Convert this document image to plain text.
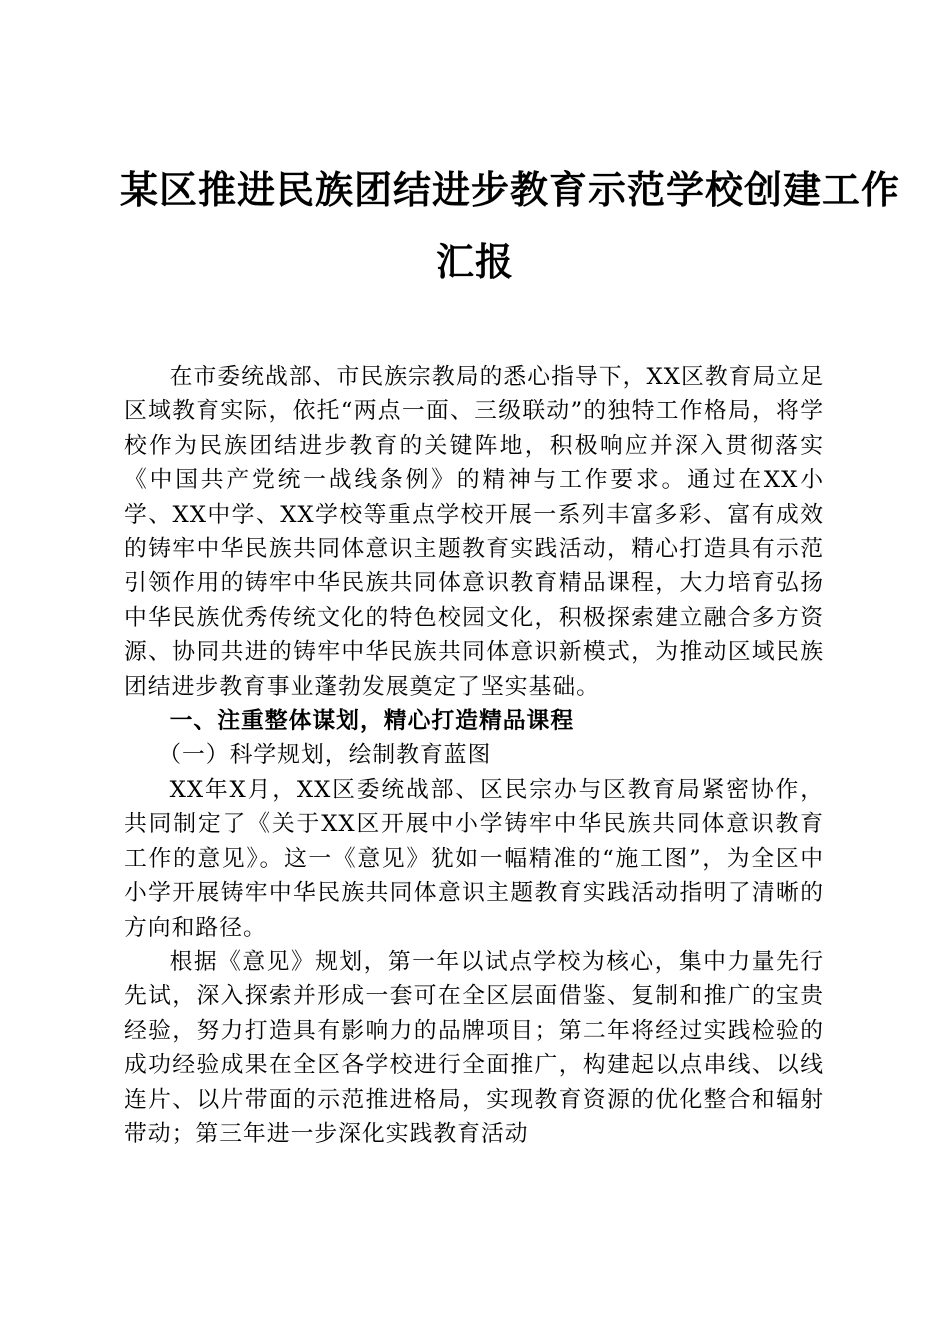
某区推进民族团结进步教育示范学校创建工作
汇报

在市委统战部、市民族宗教局的悉心指导下，XX区教育局立足区域教育实际，依托“两点一面、三级联动”的独特工作格局，将学校作为民族团结进步教育的关键阵地，积极响应并深入贯彻落实《中国共产党统一战线条例》的精神与工作要求。通过在XX小学、XX中学、XX学校等重点学校开展一系列丰富多彩、富有成效的铸牢中华民族共同体意识主题教育实践活动，精心打造具有示范引领作用的铸牢中华民族共同体意识教育精品课程，大力培育弘扬中华民族优秀传统文化的特色校园文化，积极探索建立融合多方资源、协同共进的铸牢中华民族共同体意识新模式，为推动区域民族团结进步教育事业蓬勃发展奠定了坚实基础。

一、注重整体谋划，精心打造精品课程

（一）科学规划，绘制教育蓝图

XX年X月，XX区委统战部、区民宗办与区教育局紧密协作，共同制定了《关于XX区开展中小学铸牢中华民族共同体意识教育工作的意见》。这一《意见》犹如一幅精准的“施工图”，为全区中小学开展铸牢中华民族共同体意识主题教育实践活动指明了清晰的方向和路径。

根据《意见》规划，第一年以试点学校为核心，集中力量先行先试，深入探索并形成一套可在全区层面借鉴、复制和推广的宝贵经验，努力打造具有影响力的品牌项目；第二年将经过实践检验的成功经验成果在全区各学校进行全面推广，构建起以点串线、以线连片、以片带面的示范推进格局，实现教育资源的优化整合和辐射带动；第三年进一步深化实践教育活动
